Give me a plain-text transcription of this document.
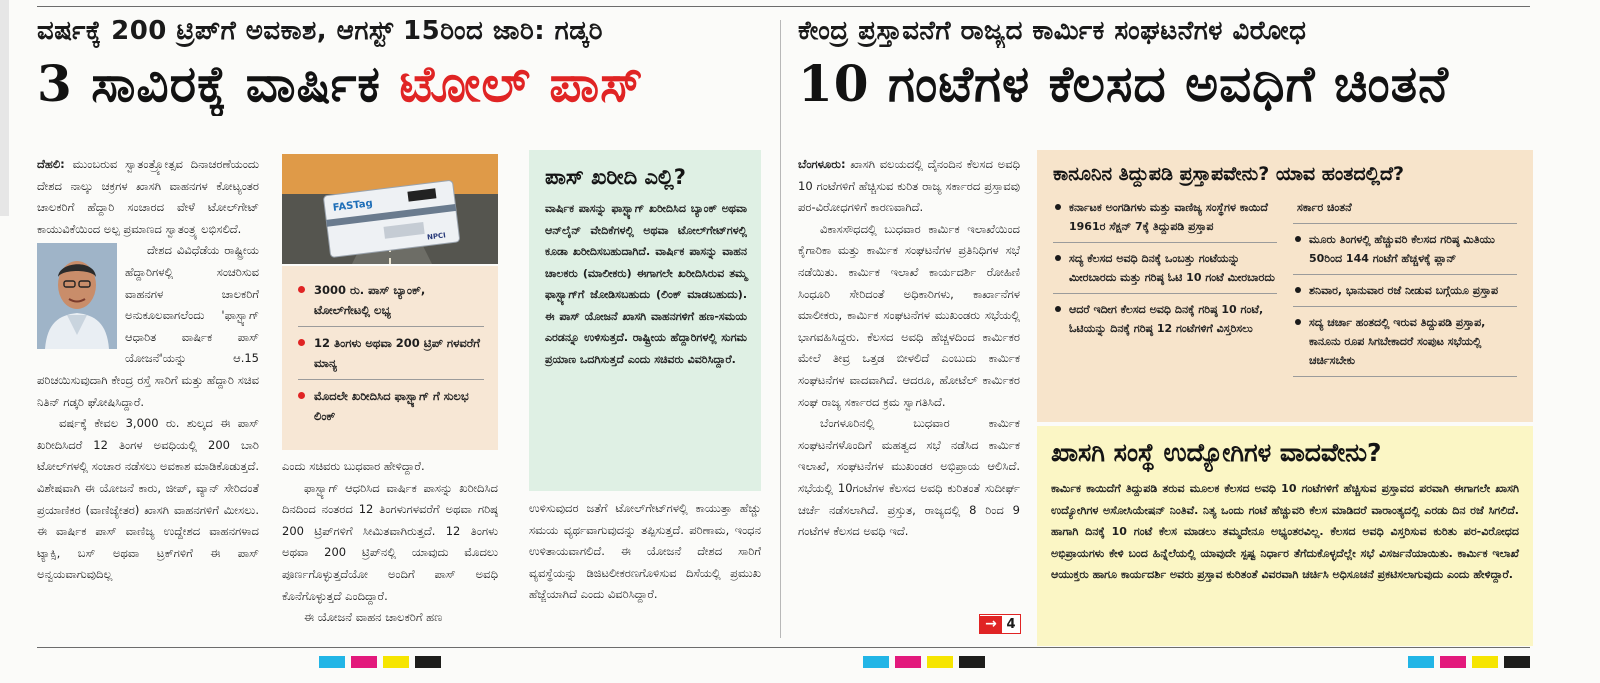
ವರ್ಷಕ್ಕೆ 200 ಟ್ರಿಪ್‌ಗೆ ಅವಕಾಶ, ಆಗಸ್ಟ್ 15ರಿಂದ ಜಾರಿ: ಗಡ್ಕರಿ
3 ಸಾವಿರಕ್ಕೆ ವಾರ್ಷಿಕ ಟೋಲ್ ಪಾಸ್

ದೆಹಲಿ: ಮುಂಬರುವ ಸ್ವಾತಂತ್ರ್ಯೋತ್ಸವ ದಿನಾಚರಣೆಯಂದು ದೇಶದ ನಾಲ್ಕು ಚಕ್ರಗಳ ಖಾಸಗಿ ವಾಹನಗಳ ಕೋಟ್ಯಂತರ ಚಾಲಕರಿಗೆ ಹೆದ್ದಾರಿ ಸಂಚಾರದ ವೇಳೆ ಟೋಲ್‌ಗೇಟ್ ಕಾಯುವಿಕೆಯಿಂದ ಅಲ್ಪ ಪ್ರಮಾಣದ ಸ್ವಾತಂತ್ರ್ಯ ಲಭಿಸಲಿದೆ.

ದೇಶದ ವಿವಿಧೆಡೆಯ ರಾಷ್ಟ್ರೀಯ ಹೆದ್ದಾರಿಗಳಲ್ಲಿ ಸಂಚರಿಸುವ ವಾಹನಗಳ ಚಾಲಕರಿಗೆ ಅನುಕೂಲವಾಗಲೆಂದು 'ಫಾಸ್ಟ್ಯಾಗ್ ಆಧಾರಿತ ವಾರ್ಷಿಕ ಪಾಸ್ ಯೋಜನೆ'ಯನ್ನು ಆ.15 ಪರಿಚಯಿಸುವುದಾಗಿ ಕೇಂದ್ರ ರಸ್ತೆ ಸಾರಿಗೆ ಮತ್ತು ಹೆದ್ದಾರಿ ಸಚಿವ ನಿತಿನ್ ಗಡ್ಕರಿ ಘೋಷಿಸಿದ್ದಾರೆ.

ವರ್ಷಕ್ಕೆ ಕೇವಲ 3,000 ರು. ಶುಲ್ಕದ ಈ ಪಾಸ್ ಖರೀದಿಸಿದರೆ 12 ತಿಂಗಳ ಅವಧಿಯಲ್ಲಿ 200 ಬಾರಿ ಟೋಲ್‌ಗಳಲ್ಲಿ ಸಂಚಾರ ನಡೆಸಲು ಅವಕಾಶ ಮಾಡಿಕೊಡುತ್ತದೆ. ವಿಶೇಷವಾಗಿ ಈ ಯೋಜನೆ ಕಾರು, ಜೀಪ್, ವ್ಯಾನ್ ಸೇರಿದಂತೆ ಪ್ರಯಾಣಿಕರ (ವಾಣಿಜ್ಯೇತರ) ಖಾಸಗಿ ವಾಹನಗಳಿಗೆ ಮೀಸಲು. ಈ ವಾರ್ಷಿಕ ಪಾಸ್ ವಾಣಿಜ್ಯ ಉದ್ದೇಶದ ವಾಹನಗಳಾದ ಟ್ಯಾಕ್ಸಿ, ಬಸ್ ಅಥವಾ ಟ್ರಕ್‌ಗಳಿಗೆ ಈ ಪಾಸ್ ಅನ್ವಯವಾಗುವುದಿಲ್ಲ

FASTag
NPCI
3000 ರು. ಪಾಸ್ ಬ್ಯಾಂಕ್, ಟೋಲ್‌ಗೇಟಲ್ಲಿ ಲಭ್ಯ
12 ತಿಂಗಳು ಅಥವಾ 200 ಟ್ರಿಪ್ ಗಳವರೆಗೆ ಮಾನ್ಯ
ಮೊದಲೇ ಖರೀದಿಸಿದ ಫಾಸ್ಟ್ಯಾಗ್ ಗೆ ಸುಲಭ ಲಿಂಕ್

ಎಂದು ಸಚಿವರು ಬುಧವಾರ ಹೇಳಿದ್ದಾರೆ.

ಫಾಸ್ಟ್ಯಾಗ್ ಆಧರಿಸಿದ ವಾರ್ಷಿಕ ಪಾಸನ್ನು ಖರೀದಿಸಿದ ದಿನದಿಂದ ನಂತರದ 12 ತಿಂಗಳುಗಳವರೆಗೆ ಅಥವಾ ಗರಿಷ್ಠ 200 ಟ್ರಿಪ್‌ಗಳಿಗೆ ಸೀಮಿತವಾಗಿರುತ್ತದೆ. 12 ತಿಂಗಳು ಅಥವಾ 200 ಟ್ರಿಪ್‌ನಲ್ಲಿ ಯಾವುದು ಮೊದಲು ಪೂರ್ಣಗೊಳ್ಳುತ್ತದೆಯೋ ಅಂದಿಗೆ ಪಾಸ್ ಅವಧಿ ಕೊನೆಗೊಳ್ಳುತ್ತದೆ ಎಂದಿದ್ದಾರೆ.

ಈ ಯೋಜನೆ ವಾಹನ ಚಾಲಕರಿಗೆ ಹಣ

ಪಾಸ್ ಖರೀದಿ ಎಲ್ಲಿ?
ವಾರ್ಷಿಕ ಪಾಸನ್ನು ಫಾಸ್ಟ್ಯಾಗ್ ಖರೀದಿಸಿದ ಬ್ಯಾಂಕ್ ಅಥವಾ ಆನ್‌ಲೈನ್ ವೇದಿಕೆಗಳಲ್ಲಿ ಅಥವಾ ಟೋಲ್‌ಗೇಟ್‌ಗಳಲ್ಲಿ ಕೂಡಾ ಖರೀದಿಸಬಹುದಾಗಿದೆ. ವಾರ್ಷಿಕ ಪಾಸನ್ನು ವಾಹನ ಚಾಲಕರು (ಮಾಲೀಕರು) ಈಗಾಗಲೇ ಖರೀದಿಸಿರುವ ತಮ್ಮ ಫಾಸ್ಟ್ಯಾಗ್‌ಗೆ ಜೋಡಿಸಬಹುದು (ಲಿಂಕ್ ಮಾಡಬಹುದು). ಈ ಪಾಸ್ ಯೋಜನೆ ಖಾಸಗಿ ವಾಹನಗಳಿಗೆ ಹಣ-ಸಮಯ ಎರಡನ್ನೂ ಉಳಿಸುತ್ತದೆ. ರಾಷ್ಟ್ರೀಯ ಹೆದ್ದಾರಿಗಳಲ್ಲಿ ಸುಗಮ ಪ್ರಯಾಣ ಒದಗಿಸುತ್ತದೆ ಎಂದು ಸಚಿವರು ವಿವರಿಸಿದ್ದಾರೆ.

ಉಳಿಸುವುದರ ಜತೆಗೆ ಟೋಲ್‌ಗೇಟ್‌ಗಳಲ್ಲಿ ಕಾಯುತ್ತಾ ಹೆಚ್ಚು ಸಮಯ ವ್ಯರ್ಥವಾಗುವುದನ್ನು ತಪ್ಪಿಸುತ್ತದೆ. ಪರಿಣಾಮ, ಇಂಧನ ಉಳಿತಾಯವಾಗಲಿದೆ. ಈ ಯೋಜನೆ ದೇಶದ ಸಾರಿಗೆ ವ್ಯವಸ್ಥೆಯನ್ನು ಡಿಜಿಟಲೀಕರಣಗೊಳಿಸುವ ದಿಸೆಯಲ್ಲಿ ಪ್ರಮುಖ ಹೆಜ್ಜೆಯಾಗಿದೆ ಎಂದು ವಿವರಿಸಿದ್ದಾರೆ.

ಕೇಂದ್ರ ಪ್ರಸ್ತಾವನೆಗೆ ರಾಜ್ಯದ ಕಾರ್ಮಿಕ ಸಂಘಟನೆಗಳ ವಿರೋಧ
10 ಗಂಟೆಗಳ ಕೆಲಸದ ಅವಧಿಗೆ ಚಿಂತನೆ

ಬೆಂಗಳೂರು: ಖಾಸಗಿ ವಲಯದಲ್ಲಿ ದೈನಂದಿನ ಕೆಲಸದ ಅವಧಿ 10 ಗಂಟೆಗಳಿಗೆ ಹೆಚ್ಚಿಸುವ ಕುರಿತ ರಾಜ್ಯ ಸರ್ಕಾರದ ಪ್ರಸ್ತಾವವು ಪರ-ವಿರೋಧಗಳಿಗೆ ಕಾರಣವಾಗಿದೆ.

ವಿಕಾಸಸೌಧದಲ್ಲಿ ಬುಧವಾರ ಕಾರ್ಮಿಕ ಇಲಾಖೆಯಿಂದ ಕೈಗಾರಿಕಾ ಮತ್ತು ಕಾರ್ಮಿಕ ಸಂಘಟನೆಗಳ ಪ್ರತಿನಿಧಿಗಳ ಸಭೆ ನಡೆಯಿತು. ಕಾರ್ಮಿಕ ಇಲಾಖೆ ಕಾರ್ಯದರ್ಶಿ ರೋಹಿಣಿ ಸಿಂಧೂರಿ ಸೇರಿದಂತೆ ಅಧಿಕಾರಿಗಳು, ಕಾರ್ಖಾನೆಗಳ ಮಾಲೀಕರು, ಕಾರ್ಮಿಕ ಸಂಘಟನೆಗಳ ಮುಖಂಡರು ಸಭೆಯಲ್ಲಿ ಭಾಗವಹಿಸಿದ್ದರು. ಕೆಲಸದ ಅವಧಿ ಹೆಚ್ಚಳದಿಂದ ಕಾರ್ಮಿಕರ ಮೇಲೆ ತೀವ್ರ ಒತ್ತಡ ಬೀಳಲಿದೆ ಎಂಬುದು ಕಾರ್ಮಿಕ ಸಂಘಟನೆಗಳ ವಾದವಾಗಿದೆ. ಆದರೂ, ಹೋಟೆಲ್ ಕಾರ್ಮಿಕರ ಸಂಘ ರಾಜ್ಯ ಸರ್ಕಾರದ ಕ್ರಮ ಸ್ವಾಗತಿಸಿದೆ.

ಬೆಂಗಳೂರಿನಲ್ಲಿ ಬುಧವಾರ ಕಾರ್ಮಿಕ ಸಂಘಟನೆಗಳೊಂದಿಗೆ ಮಹತ್ವದ ಸಭೆ ನಡೆಸಿದ ಕಾರ್ಮಿಕ ಇಲಾಖೆ, ಸಂಘಟನೆಗಳ ಮುಖಂಡರ ಅಭಿಪ್ರಾಯ ಆಲಿಸಿದೆ. ಸಭೆಯಲ್ಲಿ 10ಗಂಟೆಗಳ ಕೆಲಸದ ಅವಧಿ ಕುರಿತಂತೆ ಸುದೀರ್ಘ ಚರ್ಚೆ ನಡೆಸಲಾಗಿದೆ. ಪ್ರಸ್ತುತ, ರಾಜ್ಯದಲ್ಲಿ 8 ರಿಂದ 9 ಗಂಟೆಗಳ ಕೆಲಸದ ಅವಧಿ ಇದೆ.

→ 4
ಕಾನೂನಿನ ತಿದ್ದುಪಡಿ ಪ್ರಸ್ತಾಪವೇನು? ಯಾವ ಹಂತದಲ್ಲಿದೆ?
ಕರ್ನಾಟಕ ಅಂಗಡಿಗಳು ಮತ್ತು ವಾಣಿಜ್ಯ ಸಂಸ್ಥೆಗಳ ಕಾಯಿದೆ 1961ರ ಸೆಕ್ಷನ್ 7ಕ್ಕೆ ತಿದ್ದುಪಡಿ ಪ್ರಸ್ತಾಪ
ಸದ್ಯ ಕೆಲಸದ ಅವಧಿ ದಿನಕ್ಕೆ ಒಂಬತ್ತು ಗಂಟೆಯನ್ನು ಮೀರಬಾರದು ಮತ್ತು ಗರಿಷ್ಠ ಓಟಿ 10 ಗಂಟೆ ಮೀರಬಾರದು
ಆದರೆ ಇದೀಗ ಕೆಲಸದ ಅವಧಿ ದಿನಕ್ಕೆ ಗರಿಷ್ಠ 10 ಗಂಟೆ, ಓಟಿಯನ್ನು ದಿನಕ್ಕೆ ಗರಿಷ್ಠ 12 ಗಂಟೆಗಳಿಗೆ ವಿಸ್ತರಿಸಲು
ಸರ್ಕಾರ ಚಿಂತನೆ
ಮೂರು ತಿಂಗಳಲ್ಲಿ ಹೆಚ್ಚುವರಿ ಕೆಲಸದ ಗರಿಷ್ಠ ಮಿತಿಯು 50ರಿಂದ 144 ಗಂಟೆಗೆ ಹೆಚ್ಚಳಕ್ಕೆ ಪ್ಲಾನ್
ಶನಿವಾರ, ಭಾನುವಾರ ರಜೆ ನೀಡುವ ಬಗ್ಗೆಯೂ ಪ್ರಸ್ತಾಪ
ಸದ್ಯ ಚರ್ಚಾ ಹಂತದಲ್ಲಿ ಇರುವ ತಿದ್ದುಪಡಿ ಪ್ರಸ್ತಾಪ, ಕಾನೂನು ರೂಪ ಸಿಗಬೇಕಾದರೆ ಸಂಪುಟ ಸಭೆಯಲ್ಲಿ ಚರ್ಚಿಸಬೇಕು
ಖಾಸಗಿ ಸಂಸ್ಥೆ ಉದ್ಯೋಗಿಗಳ ವಾದವೇನು?
ಕಾರ್ಮಿಕ ಕಾಯಿದೆಗೆ ತಿದ್ದುಪಡಿ ತರುವ ಮೂಲಕ ಕೆಲಸದ ಅವಧಿ 10 ಗಂಟೆಗಳಿಗೆ ಹೆಚ್ಚಿಸುವ ಪ್ರಸ್ತಾವದ ಪರವಾಗಿ ಈಗಾಗಲೇ ಖಾಸಗಿ ಉದ್ಯೋಗಿಗಳ ಅಸೋಸಿಯೇಷನ್ ನಿಂತಿವೆ. ನಿತ್ಯ ಒಂದು ಗಂಟೆ ಹೆಚ್ಚುವರಿ ಕೆಲಸ ಮಾಡಿದರೆ ವಾರಾಂತ್ಯದಲ್ಲಿ ಎರಡು ದಿನ ರಜೆ ಸಿಗಲಿದೆ. ಹಾಗಾಗಿ ದಿನಕ್ಕೆ 10 ಗಂಟೆ ಕೆಲಸ ಮಾಡಲು ತಮ್ಮದೇನೂ ಅಭ್ಯಂತರವಿಲ್ಲ. ಕೆಲಸದ ಅವಧಿ ವಿಸ್ತರಿಸುವ ಕುರಿತು ಪರ-ವಿರೋಧದ ಅಭಿಪ್ರಾಯಗಳು ಕೇಳಿ ಬಂದ ಹಿನ್ನೆಲೆಯಲ್ಲಿ ಯಾವುದೇ ಸ್ಪಷ್ಟ ನಿರ್ಧಾರ ತೆಗೆದುಕೊಳ್ಳದೆಲ್ಲೇ ಸಭೆ ವಿಸರ್ಜನೆಯಾಯಿತು. ಕಾರ್ಮಿಕ ಇಲಾಖೆ ಆಯುಕ್ತರು ಹಾಗೂ ಕಾರ್ಯದರ್ಶಿ ಅವರು ಪ್ರಸ್ತಾವ ಕುರಿತಂತೆ ವಿವರವಾಗಿ ಚರ್ಚಿಸಿ ಅಧಿಸೂಚನೆ ಪ್ರಕಟಿಸಲಾಗುವುದು ಎಂದು ಹೇಳಿದ್ದಾರೆ.
